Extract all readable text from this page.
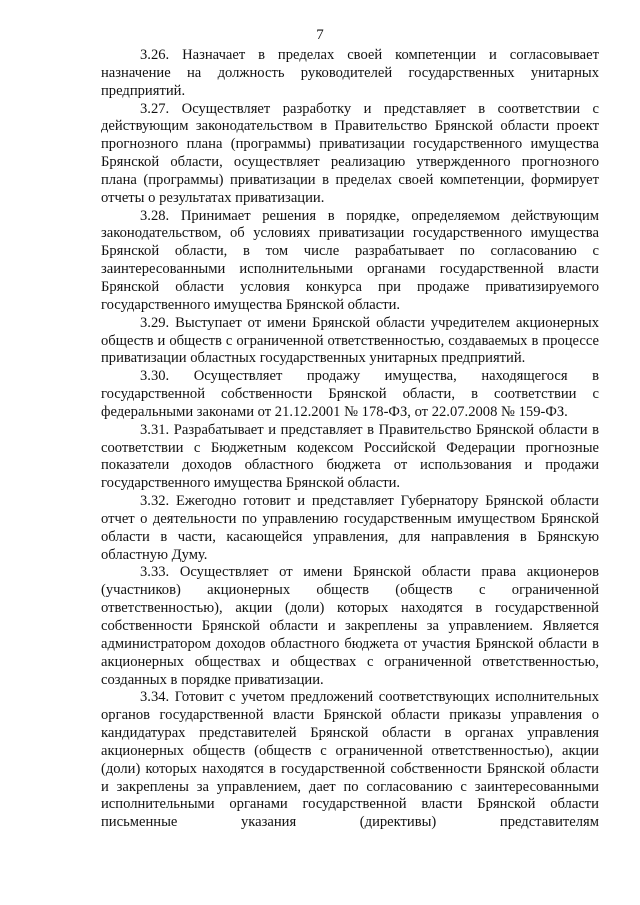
7

3.26. Назначает в пределах своей компетенции и согласовывает назначение на должность руководителей государственных унитарных предприятий.

3.27. Осуществляет разработку и представляет в соответствии с действующим законодательством в Правительство Брянской области проект прогнозного плана (программы) приватизации государственного имущества Брянской области, осуществляет реализацию утвержденного прогнозного плана (программы) приватизации в пределах своей компетенции, формирует отчеты о результатах приватизации.

3.28. Принимает решения в порядке, определяемом действующим законодательством, об условиях приватизации государственного имущества Брянской области, в том числе разрабатывает по согласованию с заинтересованными исполнительными органами государственной власти Брянской области условия конкурса при продаже приватизируемого государственного имущества Брянской области.

3.29. Выступает от имени Брянской области учредителем акционерных обществ и обществ с ограниченной ответственностью, создаваемых в процессе приватизации областных государственных унитарных предприятий.

3.30. Осуществляет продажу имущества, находящегося в государственной собственности Брянской области, в соответствии с федеральными законами от 21.12.2001 № 178-ФЗ, от 22.07.2008 № 159-ФЗ.

3.31. Разрабатывает и представляет в Правительство Брянской области в соответствии с Бюджетным кодексом Российской Федерации прогнозные показатели доходов областного бюджета от использования и продажи государственного имущества Брянской области.

3.32. Ежегодно готовит и представляет Губернатору Брянской области отчет о деятельности по управлению государственным имуществом Брянской области в части, касающейся управления, для направления в Брянскую областную Думу.

3.33. Осуществляет от имени Брянской области права акционеров (участников) акционерных обществ (обществ с ограниченной ответственностью), акции (доли) которых находятся в государственной собственности Брянской области и закреплены за управлением. Является администратором доходов областного бюджета от участия Брянской области в акционерных обществах и обществах с ограниченной ответственностью, созданных в порядке приватизации.

3.34. Готовит с учетом предложений соответствующих исполнительных органов государственной власти Брянской области приказы управления о кандидатурах представителей Брянской области в органах управления акционерных обществ (обществ с ограниченной ответственностью), акции (доли) которых находятся в государственной собственности Брянской области и закреплены за управлением, дает по согласованию с заинтересованными исполнительными органами государственной власти Брянской области письменные указания (директивы) представителям
